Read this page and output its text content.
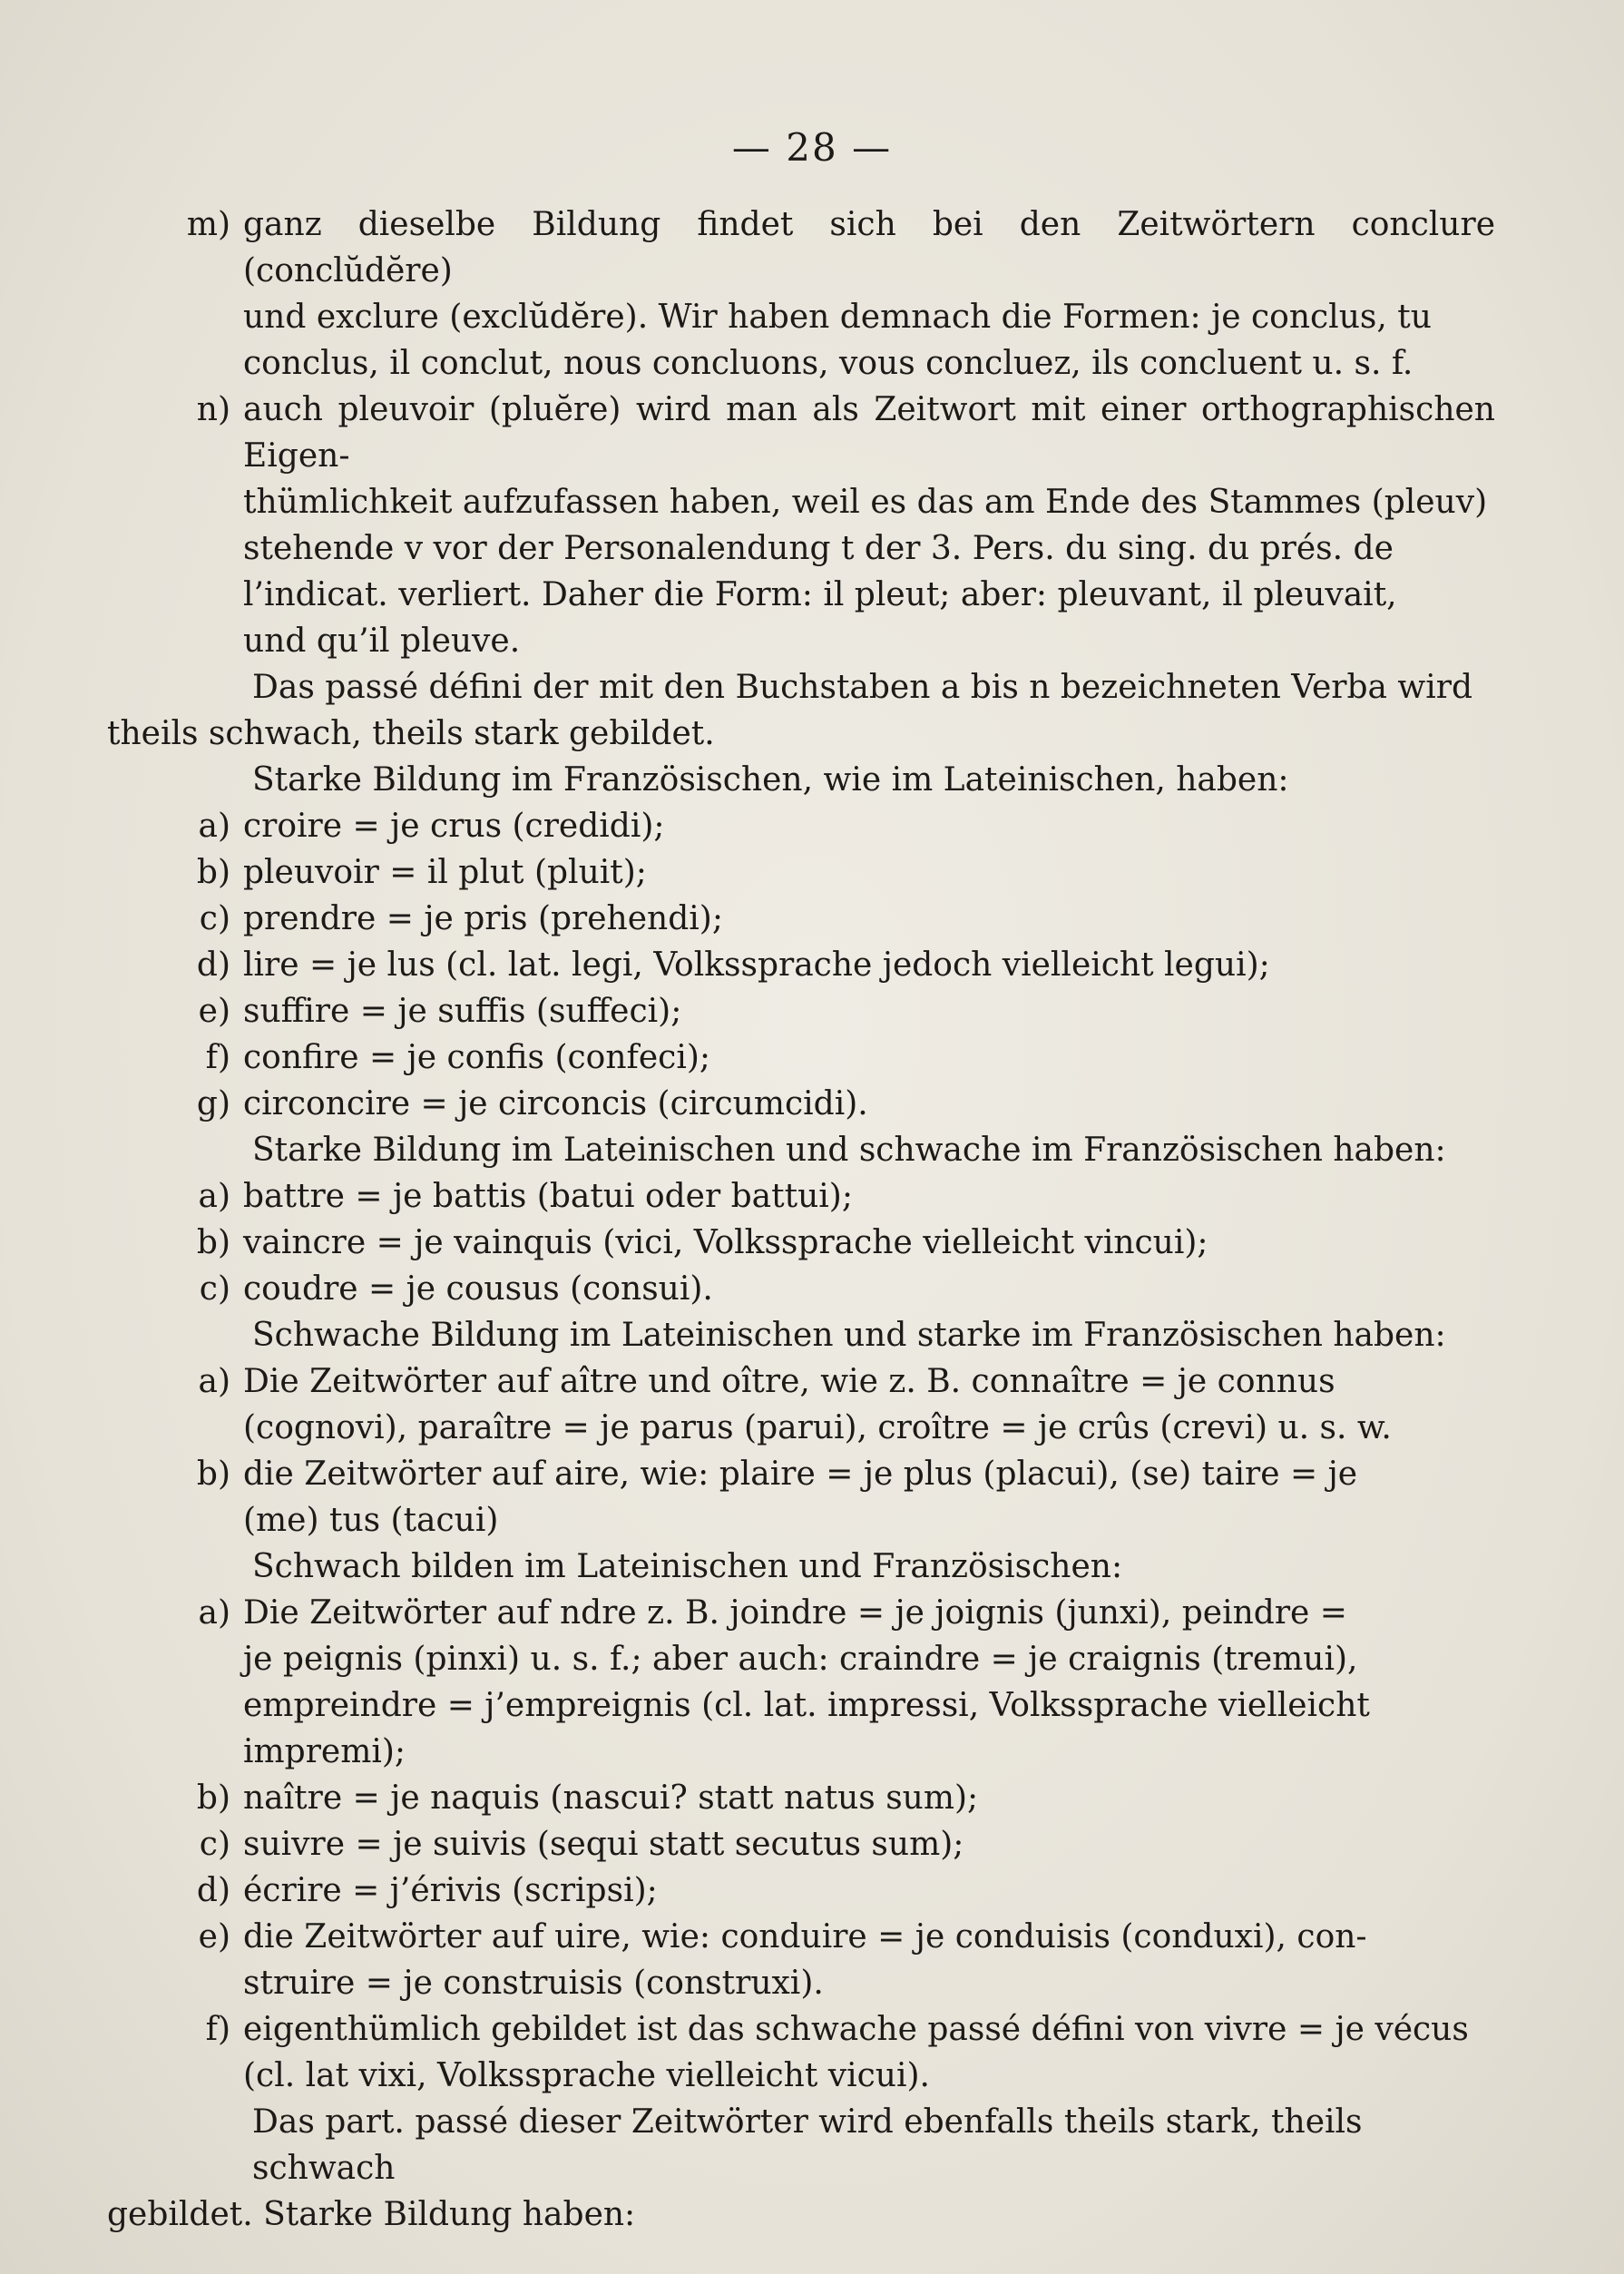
— 28 —
m) ganz dieselbe Bildung findet sich bei den Zeitwörtern conclure (conclŭdĕre)
und exclure (exclŭdĕre). Wir haben demnach die Formen: je conclus, tu
conclus, il conclut, nous concluons, vous concluez, ils concluent u. s. f.
n) auch pleuvoir (pluĕre) wird man als Zeitwort mit einer orthographischen Eigen-
thümlichkeit aufzufassen haben, weil es das am Ende des Stammes (pleuv)
stehende v vor der Personalendung t der 3. Pers. du sing. du prés. de
l’indicat. verliert. Daher die Form: il pleut; aber: pleuvant, il pleuvait,
und qu’il pleuve.
Das passé défini der mit den Buchstaben a bis n bezeichneten Verba wird
theils schwach, theils stark gebildet.
Starke Bildung im Französischen, wie im Lateinischen, haben:
a) croire = je crus (credidi);
b) pleuvoir = il plut (pluit);
c) prendre = je pris (prehendi);
d) lire = je lus (cl. lat. legi, Volkssprache jedoch vielleicht legui);
e) suffire = je suffis (suffeci);
f) confire = je confis (confeci);
g) circoncire = je circoncis (circumcidi).
Starke Bildung im Lateinischen und schwache im Französischen haben:
a) battre = je battis (batui oder battui);
b) vaincre = je vainquis (vici, Volkssprache vielleicht vincui);
c) coudre = je cousus (consui).
Schwache Bildung im Lateinischen und starke im Französischen haben:
a) Die Zeitwörter auf aître und oître, wie z. B. connaître = je connus
(cognovi), paraître = je parus (parui), croître = je crûs (crevi) u. s. w.
b) die Zeitwörter auf aire, wie: plaire = je plus (placui), (se) taire = je
(me) tus (tacui)
Schwach bilden im Lateinischen und Französischen:
a) Die Zeitwörter auf ndre z. B. joindre = je joignis (junxi), peindre =
je peignis (pinxi) u. s. f.; aber auch: craindre = je craignis (tremui),
empreindre = j’empreignis (cl. lat. impressi, Volkssprache vielleicht
impremi);
b) naître = je naquis (nascui? statt natus sum);
c) suivre = je suivis (sequi statt secutus sum);
d) écrire = j’érivis (scripsi);
e) die Zeitwörter auf uire, wie: conduire = je conduisis (conduxi), con-
struire = je construisis (construxi).
f) eigenthümlich gebildet ist das schwache passé défini von vivre = je vécus
(cl. lat vixi, Volkssprache vielleicht vicui).
Das part. passé dieser Zeitwörter wird ebenfalls theils stark, theils schwach
gebildet. Starke Bildung haben:
